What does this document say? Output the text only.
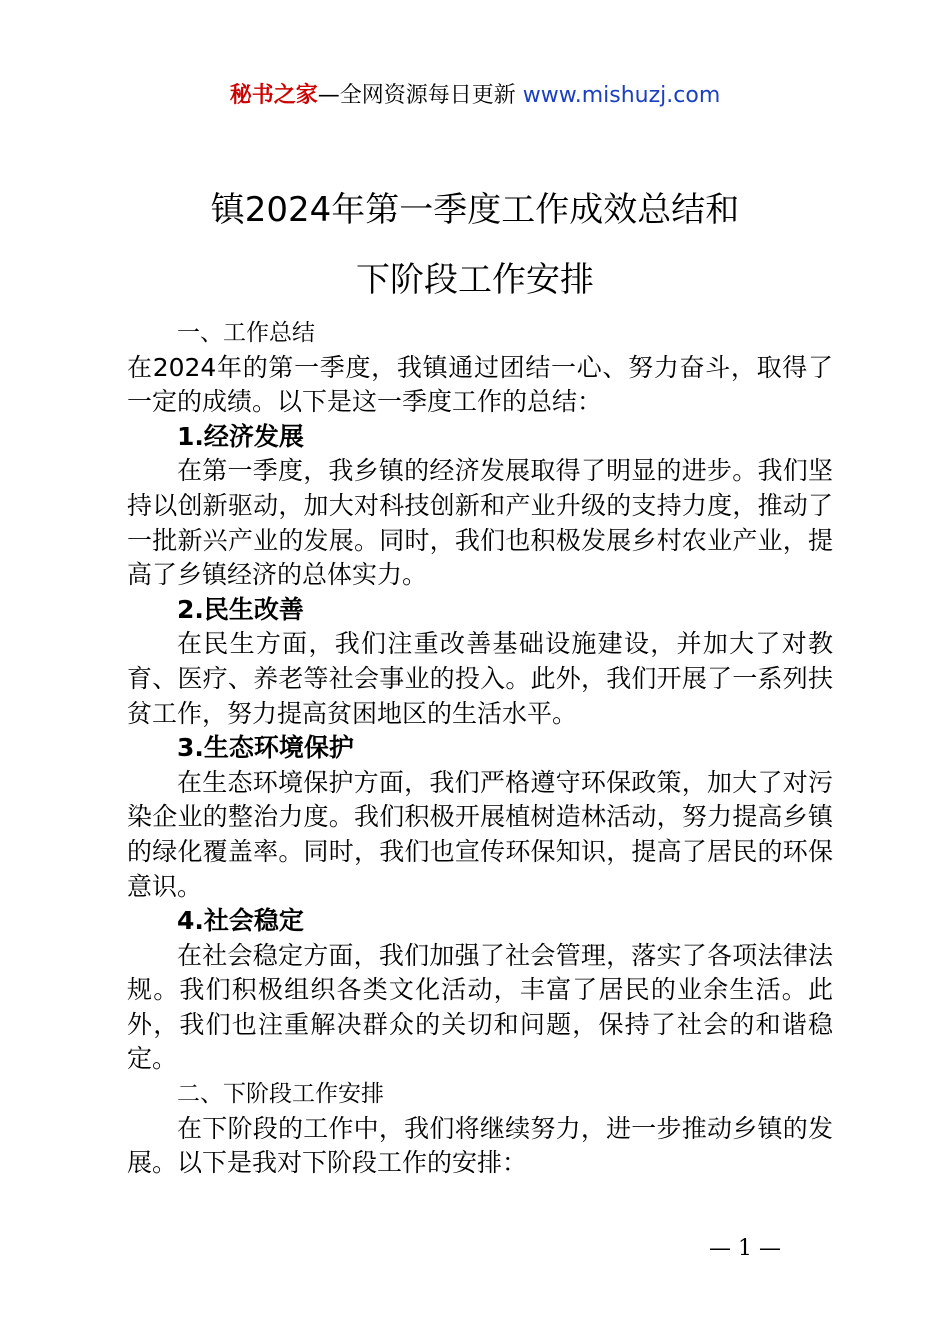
秘书之家—全网资源每日更新 www.mishuzj.com
镇2024年第一季度工作成效总结和
下阶段工作安排

一、工作总结

在2024年的第一季度，我镇通过团结一心、努力奋斗，取得了一定的成绩。以下是这一季度工作的总结：

1.经济发展

在第一季度，我乡镇的经济发展取得了明显的进步。我们坚持以创新驱动，加大对科技创新和产业升级的支持力度，推动了一批新兴产业的发展。同时，我们也积极发展乡村农业产业，提高了乡镇经济的总体实力。

2.民生改善

在民生方面，我们注重改善基础设施建设，并加大了对教育、医疗、养老等社会事业的投入。此外，我们开展了一系列扶贫工作，努力提高贫困地区的生活水平。

3.生态环境保护

在生态环境保护方面，我们严格遵守环保政策，加大了对污染企业的整治力度。我们积极开展植树造林活动，努力提高乡镇的绿化覆盖率。同时，我们也宣传环保知识，提高了居民的环保意识。

4.社会稳定

在社会稳定方面，我们加强了社会管理，落实了各项法律法规。我们积极组织各类文化活动，丰富了居民的业余生活。此外，我们也注重解决群众的关切和问题，保持了社会的和谐稳定。

二、下阶段工作安排

在下阶段的工作中，我们将继续努力，进一步推动乡镇的发展。以下是我对下阶段工作的安排：

— 1 —
